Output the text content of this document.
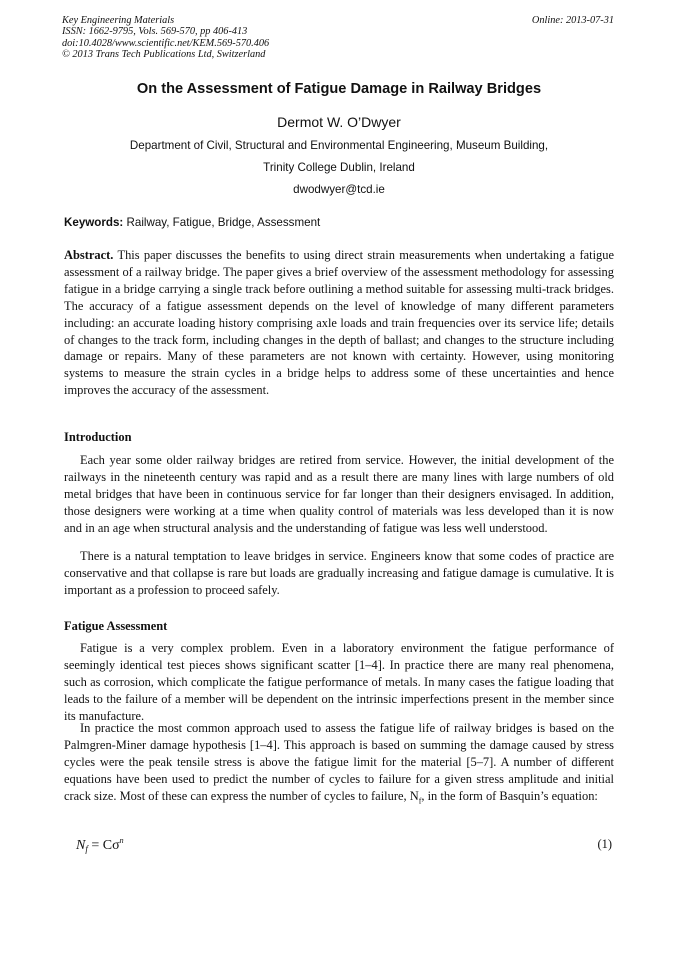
Key Engineering Materials
ISSN: 1662-9795, Vols. 569-570, pp 406-413
doi:10.4028/www.scientific.net/KEM.569-570.406
© 2013 Trans Tech Publications Ltd, Switzerland
Online: 2013-07-31
On the Assessment of Fatigue Damage in Railway Bridges
Dermot W. O’Dwyer
Department of Civil, Structural and Environmental Engineering, Museum Building,
Trinity College Dublin, Ireland
dwodwyer@tcd.ie
Keywords: Railway, Fatigue, Bridge, Assessment

Abstract. This paper discusses the benefits to using direct strain measurements when undertaking a fatigue assessment of a railway bridge. The paper gives a brief overview of the assessment methodology for assessing fatigue in a bridge carrying a single track before outlining a method suitable for assessing multi-track bridges. The accuracy of a fatigue assessment depends on the level of knowledge of many different parameters including: an accurate loading history comprising axle loads and train frequencies over its service life; details of changes to the track form, including changes in the depth of ballast; and changes to the structure including damage or repairs. Many of these parameters are not known with certainty. However, using monitoring systems to measure the strain cycles in a bridge helps to address some of these uncertainties and hence improves the accuracy of the assessment.

Introduction

Each year some older railway bridges are retired from service. However, the initial development of the railways in the nineteenth century was rapid and as a result there are many lines with large numbers of old metal bridges that have been in continuous service for far longer than their designers envisaged. In addition, those designers were working at a time when quality control of materials was less developed than it is now and in an age when structural analysis and the understanding of fatigue was less well understood.

There is a natural temptation to leave bridges in service. Engineers know that some codes of practice are conservative and that collapse is rare but loads are gradually increasing and fatigue damage is cumulative. It is important as a profession to proceed safely.

Fatigue Assessment

Fatigue is a very complex problem. Even in a laboratory environment the fatigue performance of seemingly identical test pieces shows significant scatter [1–4]. In practice there are many real phenomena, such as corrosion, which complicate the fatigue performance of metals. In many cases the fatigue loading that leads to the failure of a member will be dependent on the intrinsic imperfections present in the member since its manufacture.

In practice the most common approach used to assess the fatigue life of railway bridges is based on the Palmgren-Miner damage hypothesis [1–4]. This approach is based on summing the damage caused by stress cycles were the peak tensile stress is above the fatigue limit for the material [5–7]. A number of different equations have been used to predict the number of cycles to failure for a given stress amplitude and initial crack size. Most of these can express the number of cycles to failure, $N_f$, in the form of Basquin’s equation:

$N_f = C\sigma^n$	(1)
